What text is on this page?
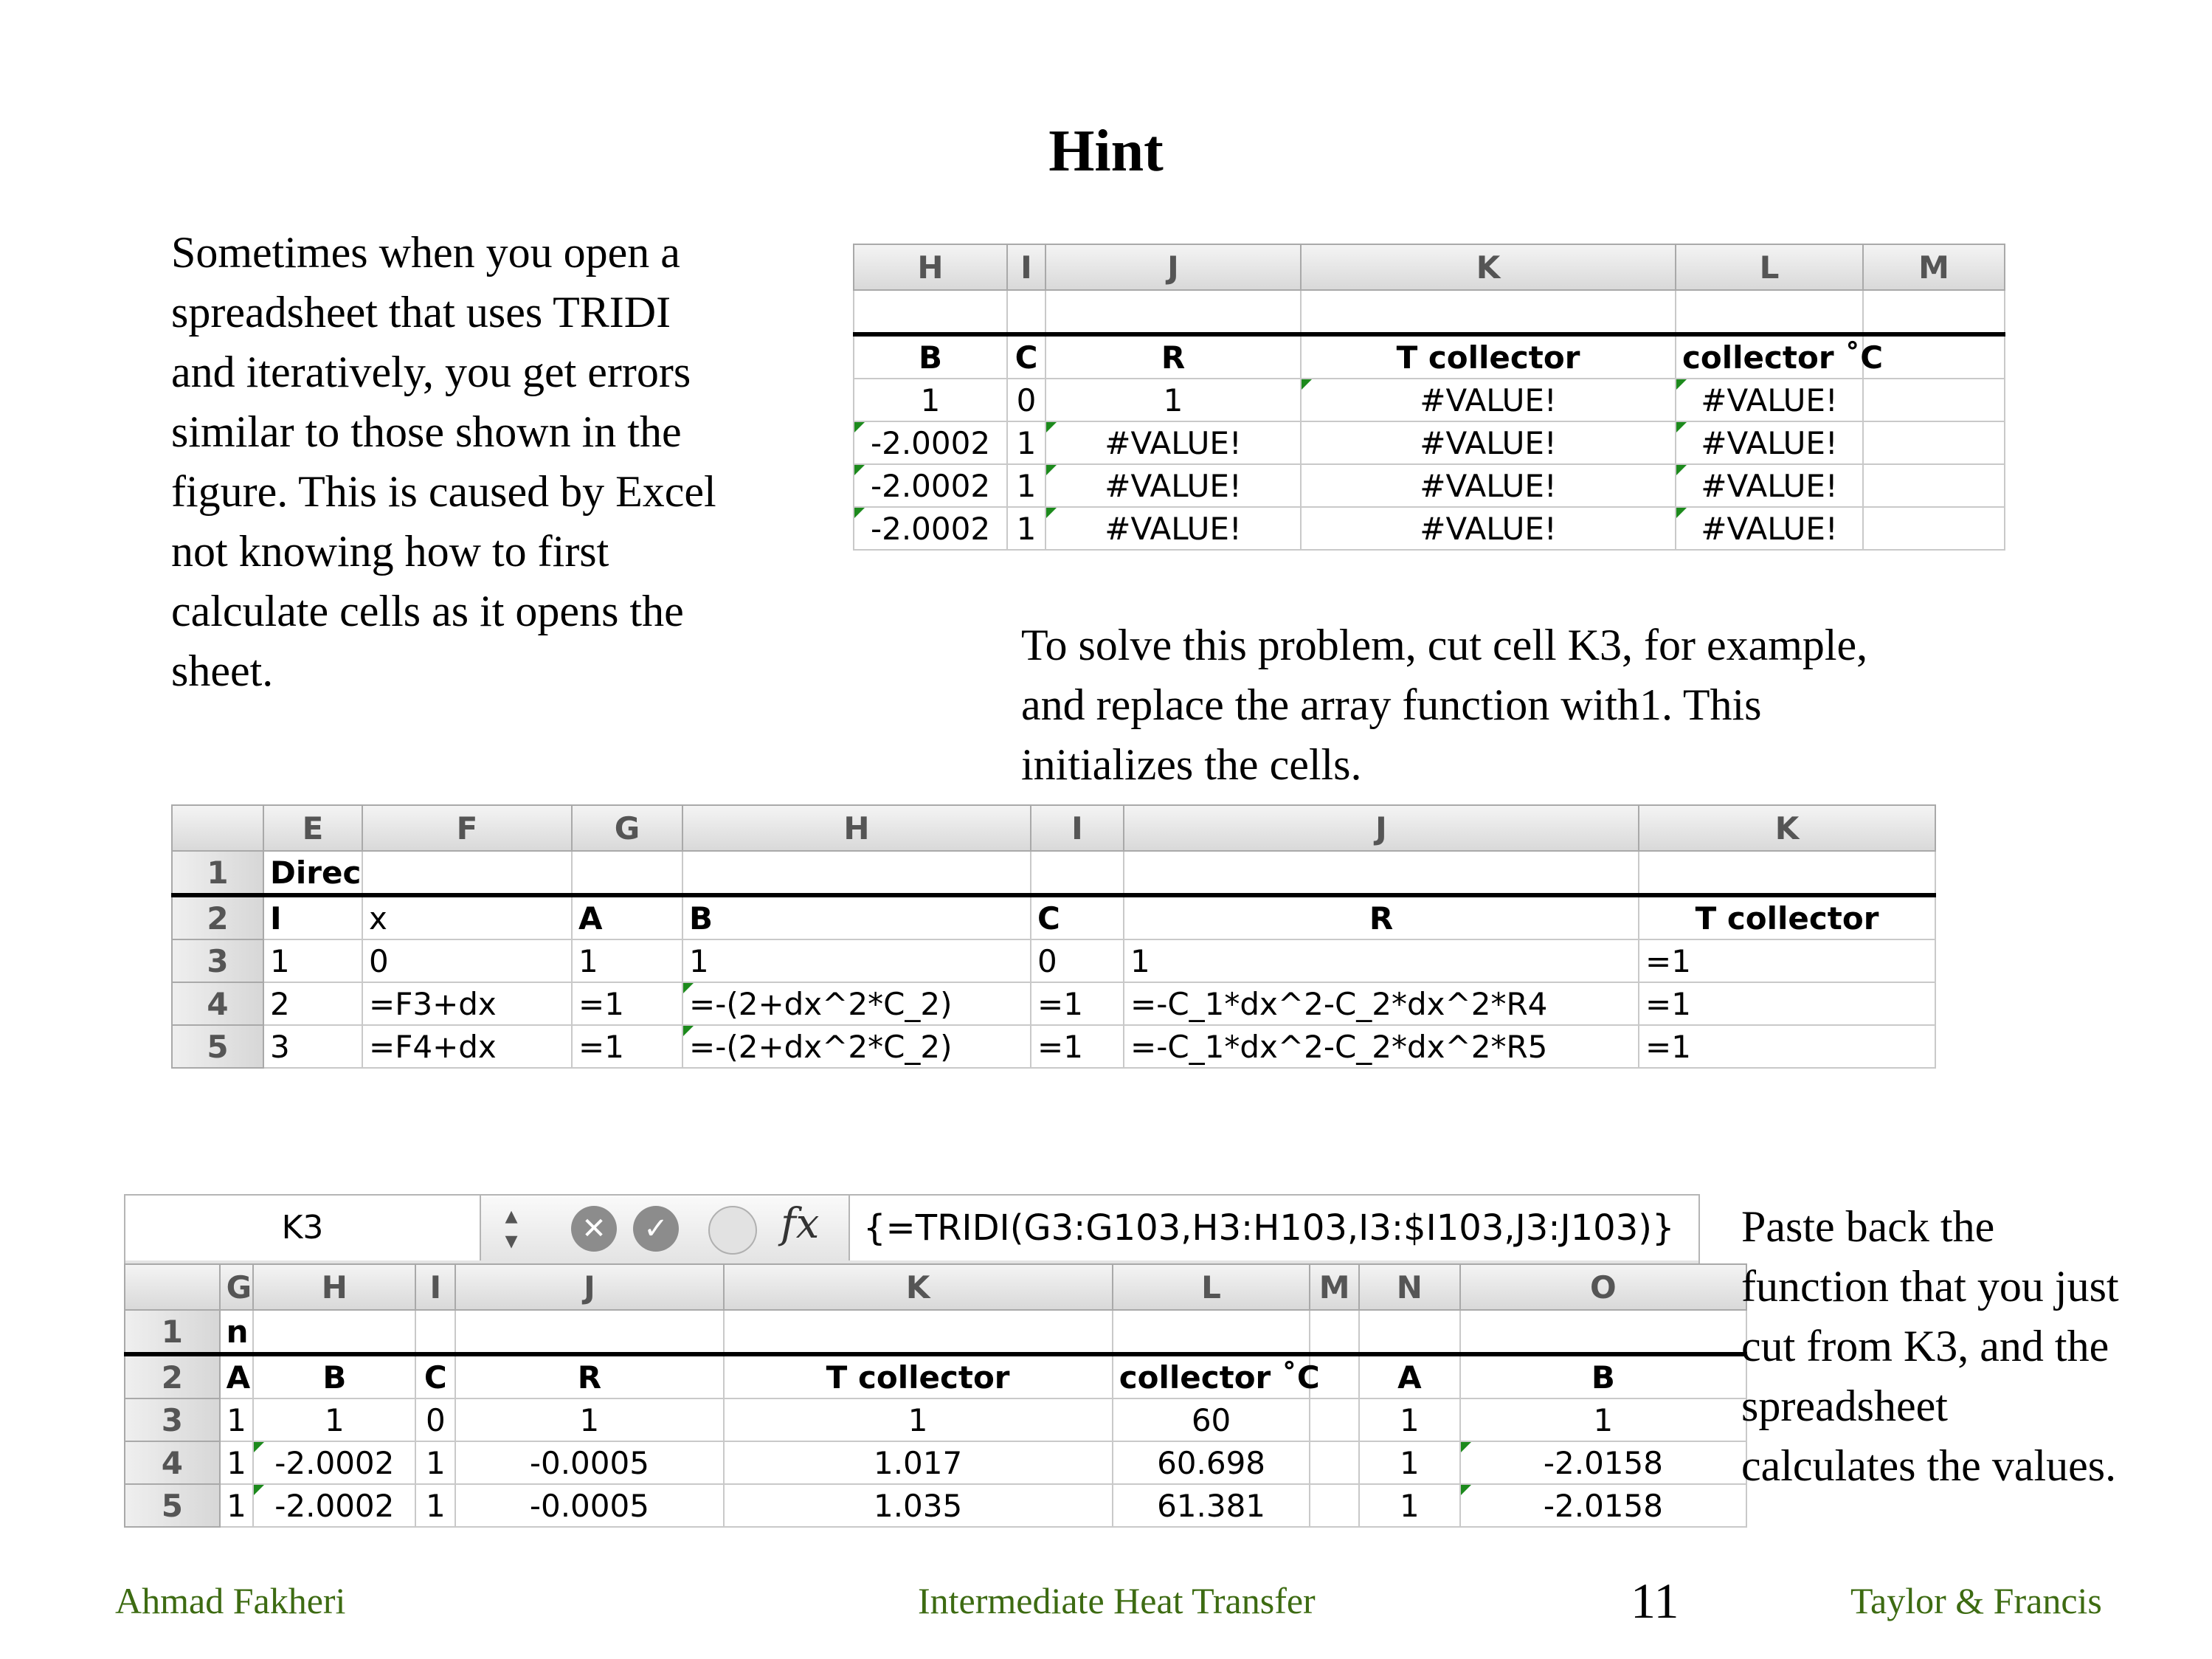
Hint
Sometimes when you open a
spreadsheet that uses TRIDI
and iteratively, you get errors
similar to those shown in the
figure. This is caused by Excel
not knowing how to first
calculate cells as it opens the
sheet.
H	I	J	K	L	M

B	C	R	T collector	collector ˚C	
1	0	1	#VALUE!	#VALUE!	
-2.0002	1	#VALUE!	#VALUE!	#VALUE!	
-2.0002	1	#VALUE!	#VALUE!	#VALUE!	
-2.0002	1	#VALUE!	#VALUE!	#VALUE!	
To solve this problem, cut cell K3, for example,
and replace the array function with1. This
initializes the cells.
	E	F	G	H	I	J	K
1	Direc						
2	I	x	A	B	C	R	T collector
3	1	0	1	1	0	1	=1
4	2	=F3+dx	=1	=-(2+dx^2*C_2)	=1	=-C_1*dx^2-C_2*dx^2*R4	=1
5	3	=F4+dx	=1	=-(2+dx^2*C_2)	=1	=-C_1*dx^2-C_2*dx^2*R5	=1
K3	▴
▾	✕	✓	fx	{=TRIDI(G3:G103,H3:H103,I3:$I103,J3:J103)}
	G	H	I	J	K	L	M	N	O
1	n								
2	A	B	C	R	T collector	collector ˚C		A	B
3	1	1	0	1	1	60		1	1
4	1	-2.0002	1	-0.0005	1.017	60.698		1	-2.0158
5	1	-2.0002	1	-0.0005	1.035	61.381		1	-2.0158
Paste back the
function that you just
cut from K3, and the
spreadsheet
calculates the values.
Ahmad Fakheri	Intermediate Heat Transfer	11	Taylor & Francis
